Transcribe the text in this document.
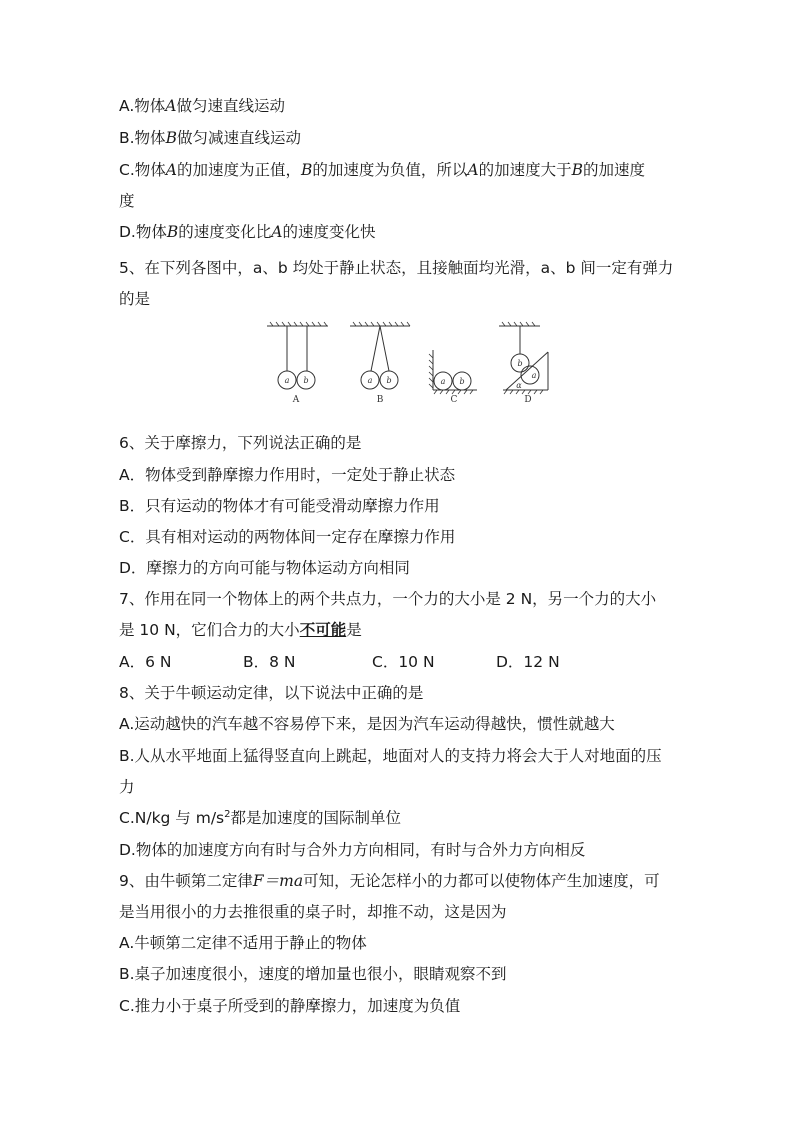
A.物体A做匀速直线运动
B.物体B做匀减速直线运动
C.物体A的加速度为正值，B的加速度为负值，所以A的加速度大于B的加速度
度
D.物体B的速度变化比A的速度变化快
5、在下列各图中，a、b 均处于静止状态，且接触面均光滑，a、b 间一定有弹力
的是
a b
A
a b
B
a b
C
b
a
α
D
6、关于摩擦力，下列说法正确的是
A．物体受到静摩擦力作用时，一定处于静止状态
B．只有运动的物体才有可能受滑动摩擦力作用
C．具有相对运动的两物体间一定存在摩擦力作用
D．摩擦力的方向可能与物体运动方向相同
7、作用在同一个物体上的两个共点力，一个力的大小是 2 N，另一个力的大小
是 10 N，它们合力的大小不可能是
A．6 N	B．8 N	C．10 N	D．12 N
8、关于牛顿运动定律，以下说法中正确的是
A.运动越快的汽车越不容易停下来，是因为汽车运动得越快，惯性就越大
B.人从水平地面上猛得竖直向上跳起，地面对人的支持力将会大于人对地面的压
力
C.N/kg 与 $m/s^2$都是加速度的国际制单位
D.物体的加速度方向有时与合外力方向相同，有时与合外力方向相反
9、由牛顿第二定律F＝ma可知，无论怎样小的力都可以使物体产生加速度，可
是当用很小的力去推很重的桌子时，却推不动，这是因为
A.牛顿第二定律不适用于静止的物体
B.桌子加速度很小，速度的增加量也很小，眼睛观察不到
C.推力小于桌子所受到的静摩擦力，加速度为负值
